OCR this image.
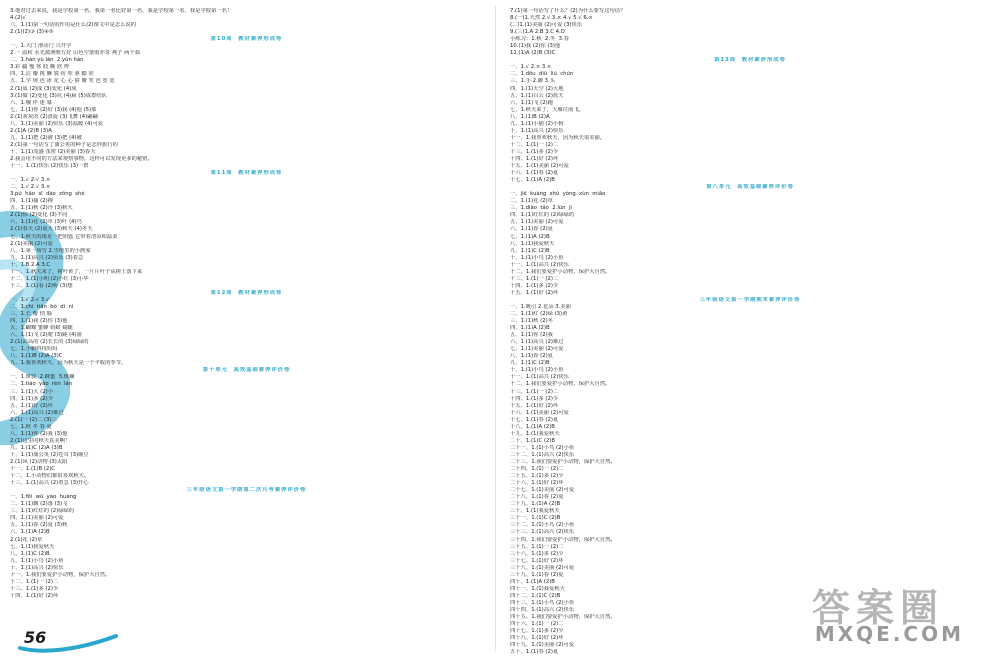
3.他对过去来说，我是学校第一名，我第一名比好第一名，我是学校第一名，我是学校第一名！
4.(2)√
六、1.(1)第一句话的作用是什么(2)课文中是怎么说的
2.(1)(2)③ (3)④⑤
第10周  教材素养形成卷
一、1.大门 滑动门 兴开学
2.一 温和 水光潋滟晴方好 山色空蒙雨亦奇 燕子 两个翡
二、1.hàn yù lán  2.yǔn hàn
3.彩 疆 慢 寒 肢 瞧 欣 辫
四、1.洁 瓣 挑 懒 猜 纺 犁 驱 蜡 娃
五、1.学 规 芭 冰 花 心 心 猜 瓣 笑 芭 宽 宽
2.(1)成 (2)成 (3)变化 (4)成
3.(1)做 (2)变化 (3)坑 (4)扁 (5)成群结队
六、1.哦 伴 迷 幕
七、1.(1)你 (2)好 (3)我 (4)他 (5)那
2.(1)灰灰的 (2)盘旋 (3)飞舞 (4)翩翩
八、1.(1)美丽 (2)快乐 (3)温暖 (4)可爱
2.(1)A (2)B (3)A
九、1.(1)把 (2)被 (3)把 (4)被
2.(1)第一句话写了蒲公英的种子是怎样旅行的
十、1.(1)茂盛 茂密 (2)美丽 (3)春天
2.我会用不同的方法来观察事物，这样可以发现更多的秘密。
十一、1.(1)快乐 (2)快乐 (3)一群
第11周  教材素养形成卷
一、1.√ 2.√ 3.×
二、1.√ 2.√ 3.×
3.pú  hǎo  sī  dào  zōng  shè
四、1.(1)捕 (2)搏
五、1.(1)秋 (2)冷 (3)秋天
2.(1)惊 (2)变化 (3)不同
六、1.(1)花 (2)草 (3)叶 (4)鸟
2.(1)春天 (2)夏天 (3)秋天 (4)冬天
七、1.秋天的雨是一把钥匙 它带着清凉和温柔
2.(1)美丽 (2)可爱
八、1.第一场雪 2.雪地里的小画家
九、1.(1)高兴 (2)快乐 (3)着急
十、1.B 2.A 3.C
十一、1.秋天来了，树叶黄了，一片片叶子从树上落下来
十二、1.(1)小明 (2)小红 (3)小华
十三、1.(1)看 (2)听 (3)想
第12周  教材素养形成卷
一、1.√ 2.√ 3.√
二、1.chí  tiān  bó  dí  ní
三、1.长 瓣 悄 躲
四、1.(1)我 (2)你 (3)他
五、1.蝴蝶 蜜蜂 蚂蚁 蜻蜓
六、1.(1)飞 (2)爬 (3)跳 (4)游
2.(1)高高的 (2)长长的 (3)绿绿的
七、1.小蝌蚪找妈妈
八、1.(1)B (2)A (3)C
九、1.我喜欢秋天，因为秋天是一个丰收的季节。
第十单元  高效基础素养评价卷
一、1.斑驳  2.蜂蜜  3.斑斓
二、1.tiáo  yǎo  rèn  lán
三、1.(1)大 (2)小
四、1.(1)多 (2)少
五、1.(1)好 (2)坏
六、1.(1)高兴 (2)难过
2.(1)一 (2)二 (3)三
七、1.秋 冬 春 夏
八、1.(1)你 (2)我 (3)他
2.(1)这里的秋天真美啊！
九、1.(1)C (2)A (3)B
十、1.(1)蒲公英 (2)苍耳 (3)豌豆
2.(1)风 (2)动物 (3)太阳
十一、1.(1)B (2)C
十二、1.小动物们都很喜欢秋天。
十三、1.(1)高兴 (2)着急 (3)开心
三年级语文第一学期第二次月考素养评价卷
一、1.fēi  wǔ  yáo  huàng
二、1.(1)飘 (2)落 (3)飞
三、1.(1)红红的 (2)绿绿的
四、1.(1)美丽 (2)可爱
五、1.(1)春 (2)夏 (3)秋
六、1.(1)A (2)B
2.(1)花 (2)草
七、1.(1)我爱秋天
八、1.(1)C (2)B
九、1.(1)小鸟 (2)小鱼
十、1.(1)高兴 (2)快乐
十一、1.我们要爱护小动物，保护大自然。
十二、1.(1)一 (2)二
十三、1.(1)多 (2)少
十四、1.(1)好 (2)坏
7.(1)第一句话写了什么？(2)为什么要写这句话？
8.(一)1.天然 2.√ 3.× 4.√ 5.√ 6.×
(二)1.(1)美丽 (2)可爱 (3)快乐
9.(三)1.A 2.B 3.C 4.D
小练习：1.秋  2.冬  3.春
10.(1)我 (2)你 (3)他
11.(1)A (2)B (3)C
第13周  教材素养形成卷
一、1.√ 2.× 3.×
二、1.dōu  diū  liú  chún
三、1.手 2.脚 3.头
四、1.(1)天空 (2)大地
五、1.(1)白云 (2)蓝天
六、1.(1)飞 (2)跑
七、1.秋天来了，大雁往南飞。
八、1.(1)B (2)A
九、1.(1)小猫 (2)小狗
十、1.(1)高兴 (2)快乐
十一、1.我喜欢秋天，因为秋天很美丽。
十二、1.(1)一 (2)二
十三、1.(1)多 (2)少
十四、1.(1)好 (2)坏
十五、1.(1)美丽 (2)可爱
十六、1.(1)春 (2)夏
十七、1.(1)A (2)B
第八单元  高效基础素养评价卷
一、jiě  kuàng  shù  yóng  xùn  miǎo
二、1.(1)花 (2)草
三、1.diào  táo  2.lùn  jí
四、1.(1)红红的 (2)绿绿的
五、1.(1)美丽 (2)可爱
六、1.(1)春 (2)夏
七、1.(1)A (2)B
八、1.(1)我爱秋天
九、1.(1)C (2)B
十、1.(1)小鸟 (2)小鱼
十一、1.(1)高兴 (2)快乐
十二、1.我们要爱护小动物，保护大自然。
十三、1.(1)一 (2)二
十四、1.(1)多 (2)少
十五、1.(1)好 (2)坏
三年级语文第一学期期末素养评价卷
一、1.吸引 2.花朵 3.美丽
二、1.(1)红 (2)绿 (3)黄
三、1.(1)秋 (2)冬
四、1.(1)A (2)B
五、1.(1)你 (2)我
六、1.(1)高兴 (2)难过
七、1.(1)美丽 (2)可爱
八、1.(1)春 (2)夏
九、1.(1)C (2)B
十、1.(1)小鸟 (2)小鱼
十一、1.(1)高兴 (2)快乐
十二、1.我们要爱护小动物，保护大自然。
十三、1.(1)一 (2)二
十四、1.(1)多 (2)少
十五、1.(1)好 (2)坏
十六、1.(1)美丽 (2)可爱
十七、1.(1)春 (2)夏
十八、1.(1)A (2)B
十九、1.(1)我爱秋天
二十、1.(1)C (2)B
二十一、1.(1)小鸟 (2)小鱼
二十二、1.(1)高兴 (2)快乐
二十三、1.我们要爱护小动物，保护大自然。
二十四、1.(1)一 (2)二
二十五、1.(1)多 (2)少
二十六、1.(1)好 (2)坏
二十七、1.(1)美丽 (2)可爱
二十八、1.(1)春 (2)夏
二十九、1.(1)A (2)B
三十、1.(1)我爱秋天
三十一、1.(1)C (2)B
三十二、1.(1)小鸟 (2)小鱼
三十三、1.(1)高兴 (2)快乐
三十四、1.我们要爱护小动物，保护大自然。
三十五、1.(1)一 (2)二
三十六、1.(1)多 (2)少
三十七、1.(1)好 (2)坏
三十八、1.(1)美丽 (2)可爱
三十九、1.(1)春 (2)夏
四十、1.(1)A (2)B
四十一、1.(1)我爱秋天
四十二、1.(1)C (2)B
四十三、1.(1)小鸟 (2)小鱼
四十四、1.(1)高兴 (2)快乐
四十五、1.我们要爱护小动物，保护大自然。
四十六、1.(1)一 (2)二
四十七、1.(1)多 (2)少
四十八、1.(1)好 (2)坏
四十九、1.(1)美丽 (2)可爱
五十、1.(1)春 (2)夏
56
答案圈
MXQE.COM
